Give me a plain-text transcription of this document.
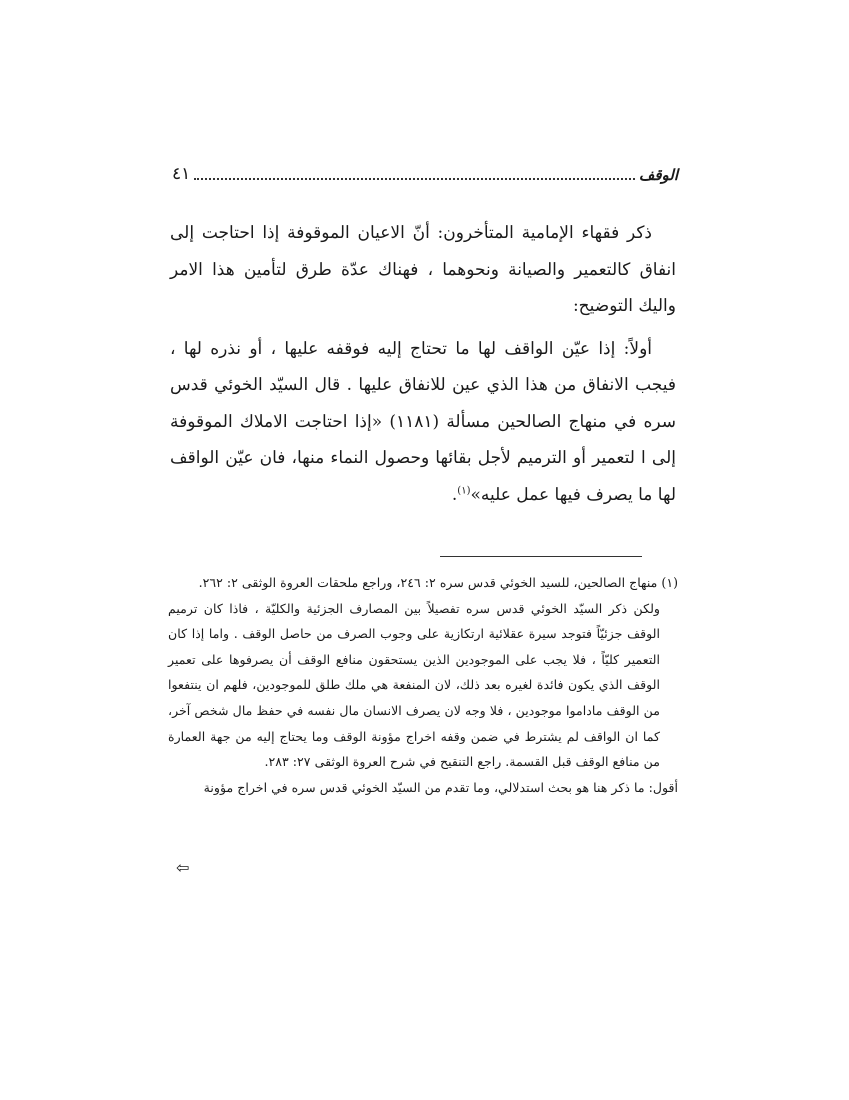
الوقف
٤١

ذكر فقهاء الإمامية المتأخرون: أنّ الاعيان الموقوفة إذا احتاجت إلى انفاق كالتعمير والصيانة ونحوهما ، فهناك عدّة طرق لتأمين هذا الامر واليك التوضيح:

أولاً: إذا عيّن الواقف لها ما تحتاج إليه فوقفه عليها ، أو نذره لها ، فيجب الانفاق من هذا الذي عين للانفاق عليها . قال السيّد الخوئي قدس سره في منهاج الصالحين مسألة (١١٨١) «إذا احتاجت الاملاك الموقوفة إلى ا لتعمير أو الترميم لأجل بقائها وحصول النماء منها، فان عيّن الواقف لها ما يصرف فيها عمل عليه»$^{(١)}$.

(١) منهاج الصالحين، للسيد الخوئي قدس سره ٢: ٢٤٦، وراجع ملحقات العروة الوثقى ٢: ٢٦٢.

ولكن ذكر السيّد الخوئي قدس سره تفصيلاً بين المصارف الجزئية والكليّة ، فاذا كان ترميم الوقف جزئيّاً فتوجد سيرة عقلائية ارتكازية على وجوب الصرف من حاصل الوقف . واما إذا كان التعمير كليّاً ، فلا يجب على الموجودين الذين يستحقون منافع الوقف أن يصرفوها على تعمير الوقف الذي يكون فائدة لغيره بعد ذلك، لان المنفعة هي ملك طلق للموجودين، فلهم ان ينتفعوا من الوقف ماداموا موجودين ، فلا وجه لان يصرف الانسان مال نفسه في حفظ مال شخص آخر، كما ان الواقف لم يشترط في ضمن وقفه اخراج مؤونة الوقف وما يحتاج إليه من جهة العمارة من منافع الوقف قبل القسمة. راجع التنقيح في شرح العروة الوثقى ٢٧: ٢٨٣.

أقول: ما ذكر هنا هو بحث استدلالي، وما تقدم من السيّد الخوئي قدس سره في اخراج مؤونة

⇦
